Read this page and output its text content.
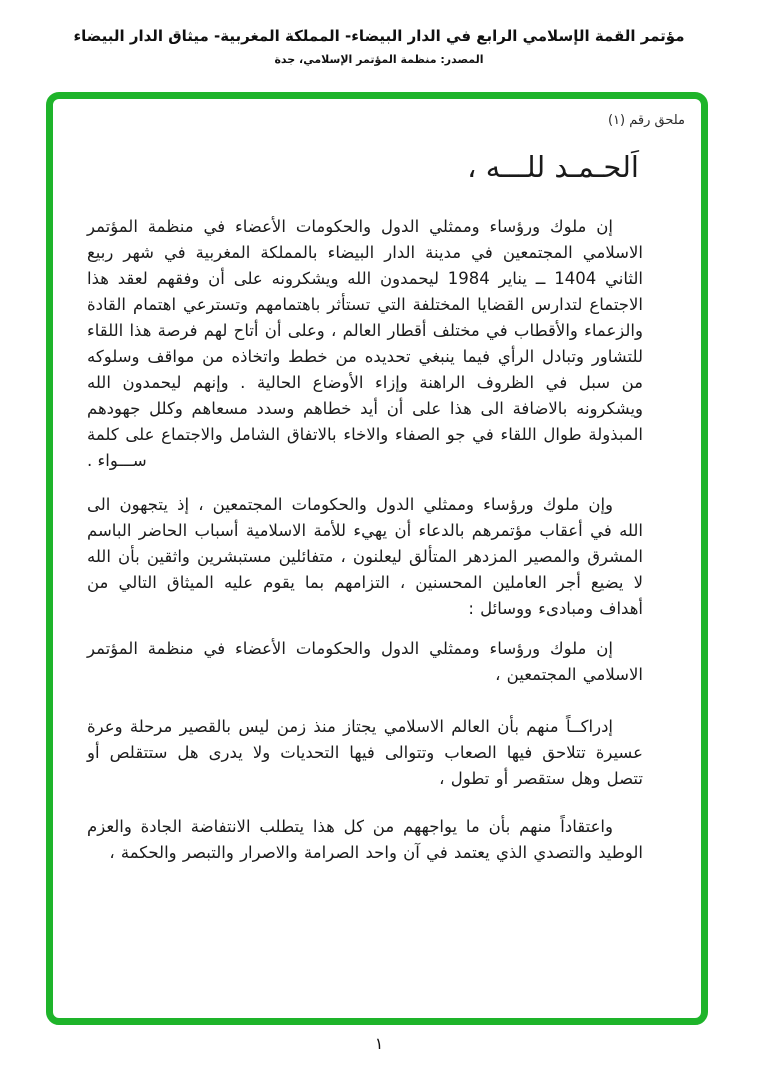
مؤتمر القمة الإسلامي الرابع في الدار البيضاء- المملكة المغربية- ميثاق الدار البيضاء
المصدر: منظمة المؤتمر الإسلامي، جدة
ملحق رقم (١)
اَلحـمـد للـــه ،

إن ملوك ورؤساء وممثلي الدول والحكومات الأعضاء في منظمة المؤتمر الاسلامي المجتمعين في مدينة الدار البيضاء بالمملكة المغربية في شهر ربيع الثاني 1404 ــ يناير 1984 ليحمدون الله ويشكرونه على أن وفقهم لعقد هذا الاجتماع لتدارس القضايا المختلفة التي تستأثر باهتمامهم وتسترعي اهتمام القادة والزعماء والأقطاب في مختلف أقطار العالم ، وعلى أن أتاح لهم فرصة هذا اللقاء للتشاور وتبادل الرأي فيما ينبغي تحديده من خطط واتخاذه من مواقف وسلوكه من سبل في الظروف الراهنة وإزاء الأوضاع الحالية . وإنهم ليحمدون الله ويشكرونه بالاضافة الى هذا على أن أيد خطاهم وسدد مسعاهم وكلل جهودهم المبذولة طوال اللقاء في جو الصفاء والاخاء بالاتفاق الشامل والاجتماع على كلمة

ســـواء .

وإن ملوك ورؤساء وممثلي الدول والحكومات المجتمعين ، إذ يتجهون الى الله في أعقاب مؤتمرهم بالدعاء أن يهيء للأمة الاسلامية أسباب الحاضر الباسم المشرق والمصير المزدهر المتألق ليعلنون ، متفائلين مستبشرين واثقين بأن الله لا يضيع أجر العاملين المحسنين ، التزامهم بما يقوم عليه الميثاق التالي من أهداف ومبادىء ووسائل :

إن ملوك ورؤساء وممثلي الدول والحكومات الأعضاء في منظمة المؤتمر الاسلامي المجتمعين ،

إدراكــاً منهم بأن العالم الاسلامي يجتاز منذ زمن ليس بالقصير مرحلة وعرة عسيرة تتلاحق فيها الصعاب وتتوالى فيها التحديات ولا يدرى هل ستتقلص أو تتصل وهل ستقصر أو تطول ،

واعتقاداً منهم بأن ما يواجههم من كل هذا يتطلب الانتفاضة الجادة والعزم الوطيد والتصدي الذي يعتمد في آن واحد الصرامة والاصرار والتبصر والحكمة ،

١
